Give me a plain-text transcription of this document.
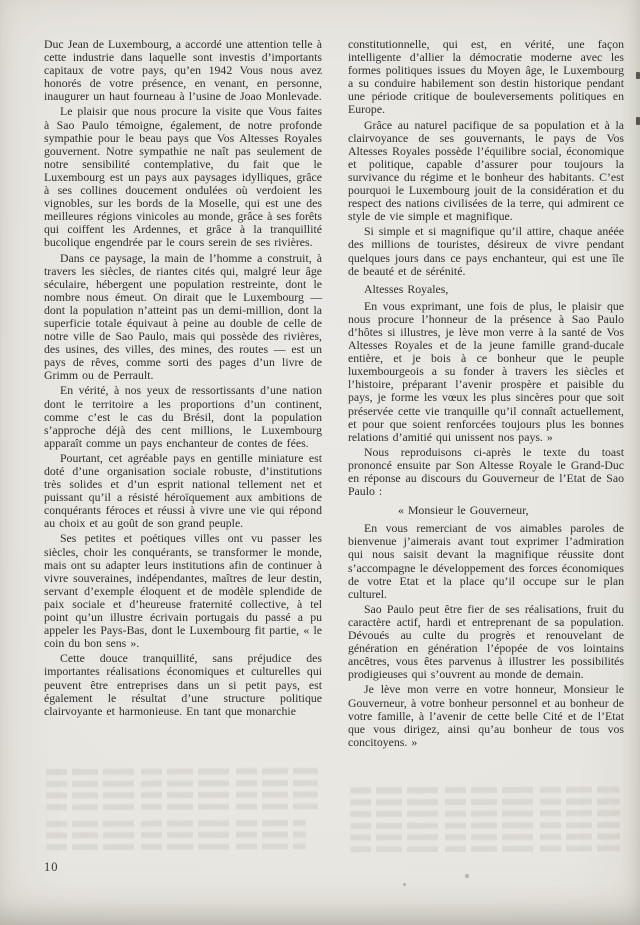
Duc Jean de Luxembourg, a accordé une attention telle à cette industrie dans laquelle sont investis d’importants capitaux de votre pays, qu’en 1942 Vous nous avez honorés de votre présence, en venant, en personne, inaugurer un haut fourneau à l’usine de Joao Monlevade.

Le plaisir que nous procure la visite que Vous faites à Sao Paulo témoigne, également, de notre profonde sympathie pour le beau pays que Vos Altesses Royales gouvernent. Notre sympathie ne naît pas seulement de notre sensibilité contemplative, du fait que le Luxembourg est un pays aux paysages idylliques, grâce à ses collines doucement ondulées où verdoient les vignobles, sur les bords de la Moselle, qui est une des meilleures régions vinicoles au monde, grâce à ses forêts qui coiffent les Ardennes, et grâce à la tranquillité bucolique engendrée par le cours serein de ses rivières.

Dans ce paysage, la main de l’homme a construit, à travers les siècles, de riantes cités qui, malgré leur âge séculaire, hébergent une population restreinte, dont le nombre nous émeut. On dirait que le Luxembourg — dont la population n’atteint pas un demi-million, dont la superficie totale équivaut à peine au double de celle de notre ville de Sao Paulo, mais qui possède des rivières, des usines, des villes, des mines, des routes — est un pays de rêves, comme sorti des pages d’un livre de Grimm ou de Perrault.

En vérité, à nos yeux de ressortissants d’une nation dont le territoire a les proportions d’un continent, comme c’est le cas du Brésil, dont la population s’approche déjà des cent millions, le Luxembourg apparaît comme un pays enchanteur de contes de fées.

Pourtant, cet agréable pays en gentille miniature est doté d’une organisation sociale robuste, d’institutions très solides et d’un esprit national tellement net et puissant qu’il a résisté héroïquement aux ambitions de conquérants féroces et réussi à vivre une vie qui répond au choix et au goût de son grand peuple.

Ses petites et poétiques villes ont vu passer les siècles, choir les conquérants, se transformer le monde, mais ont su adapter leurs institutions afin de continuer à vivre souveraines, indépendantes, maîtres de leur destin, servant d’exemple éloquent et de modèle splendide de paix sociale et d’heureuse fraternité collective, à tel point qu’un illustre écrivain portugais du passé a pu appeler les Pays-Bas, dont le Luxembourg fit partie, « le coin du bon sens ».

Cette douce tranquillité, sans préjudice des importantes réalisations économiques et culturelles qui peuvent être entreprises dans un si petit pays, est également le résultat d’une structure politique clairvoyante et harmonieuse. En tant que monarchie

constitutionnelle, qui est, en vérité, une façon intelligente d’allier la démocratie moderne avec les formes politiques issues du Moyen âge, le Luxembourg a su conduire habilement son destin historique pendant une période critique de bouleversements politiques en Europe.

Grâce au naturel pacifique de sa population et à la clairvoyance de ses gouvernants, le pays de Vos Altesses Royales possède l’équilibre social, économique et politique, capable d’assurer pour toujours la survivance du régime et le bonheur des habitants. C’est pourquoi le Luxembourg jouit de la considération et du respect des nations civilisées de la terre, qui admirent ce style de vie simple et magnifique.

Si simple et si magnifique qu’il attire, chaque anéée des millions de touristes, désireux de vivre pendant quelques jours dans ce pays enchanteur, qui est une île de beauté et de sérénité.

Altesses Royales,

En vous exprimant, une fois de plus, le plaisir que nous procure l’honneur de la présence à Sao Paulo d’hôtes si illustres, je lève mon verre à la santé de Vos Altesses Royales et de la jeune famille grand-ducale entière, et je bois à ce bonheur que le peuple luxembourgeois a su fonder à travers les siècles et l’histoire, préparant l’avenir prospère et paisible du pays, je forme les vœux les plus sincères pour que soit préservée cette vie tranquille qu’il connaît actuellement, et pour que soient renforcées toujours plus les bonnes relations d’amitié qui unissent nos pays. »

Nous reproduisons ci-après le texte du toast prononcé ensuite par Son Altesse Royale le Grand-Duc en réponse au discours du Gouverneur de l’Etat de Sao Paulo :

« Monsieur le Gouverneur,

En vous remerciant de vos aimables paroles de bienvenue j’aimerais avant tout exprimer l’admiration qui nous saisit devant la magnifique réussite dont s’accompagne le développement des forces économiques de votre Etat et la place qu’il occupe sur le plan culturel.

Sao Paulo peut être fier de ses réalisations, fruit du caractère actif, hardi et entreprenant de sa population. Dévoués au culte du progrès et renouvelant de génération en génération l’épopée de vos lointains ancêtres, vous êtes parvenus à illustrer les possibilités prodigieuses qui s’ouvrent au monde de demain.

Je lève mon verre en votre honneur, Monsieur le Gouverneur, à votre bonheur personnel et au bonheur de votre famille, à l’avenir de cette belle Cité et de l’Etat que vous dirigez, ainsi qu’au bonheur de tous vos concitoyens. »

10
